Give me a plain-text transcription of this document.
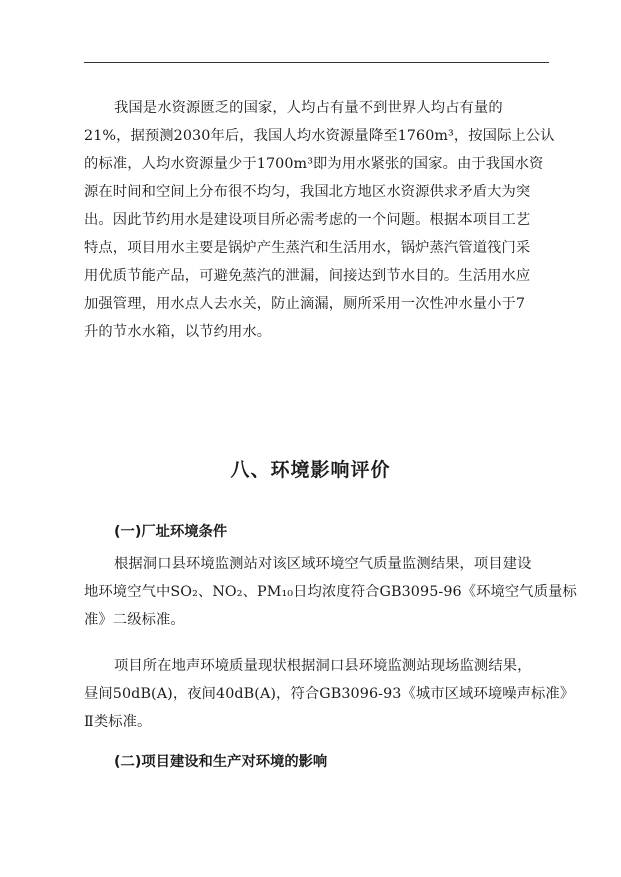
我国是水资源匮乏的国家，人均占有量不到世界人均占有量的
21%，据预测2030年后，我国人均水资源量降至1760m³，按国际上公认
的标准，人均水资源量少于1700m³即为用水紧张的国家。由于我国水资
源在时间和空间上分布很不均匀，我国北方地区水资源供求矛盾大为突
出。因此节约用水是建设项目所必需考虑的一个问题。根据本项目工艺
特点，项目用水主要是锅炉产生蒸汽和生活用水，锅炉蒸汽管道筏门采
用优质节能产品，可避免蒸汽的泄漏，间接达到节水目的。生活用水应
加强管理，用水点人去水关，防止滴漏，厕所采用一次性冲水量小于7
升的节水水箱，以节约用水。
八、环境影响评价
(一)厂址环境条件
根据洞口县环境监测站对该区域环境空气质量监测结果，项目建设
地环境空气中SO₂、NO₂、PM₁₀日均浓度符合GB3095-96《环境空气质量标
准》二级标准。
项目所在地声环境质量现状根据洞口县环境监测站现场监测结果，
昼间50dB(A)，夜间40dB(A)，符合GB3096-93《城市区域环境噪声标准》
Ⅱ类标准。
(二)项目建设和生产对环境的影响
